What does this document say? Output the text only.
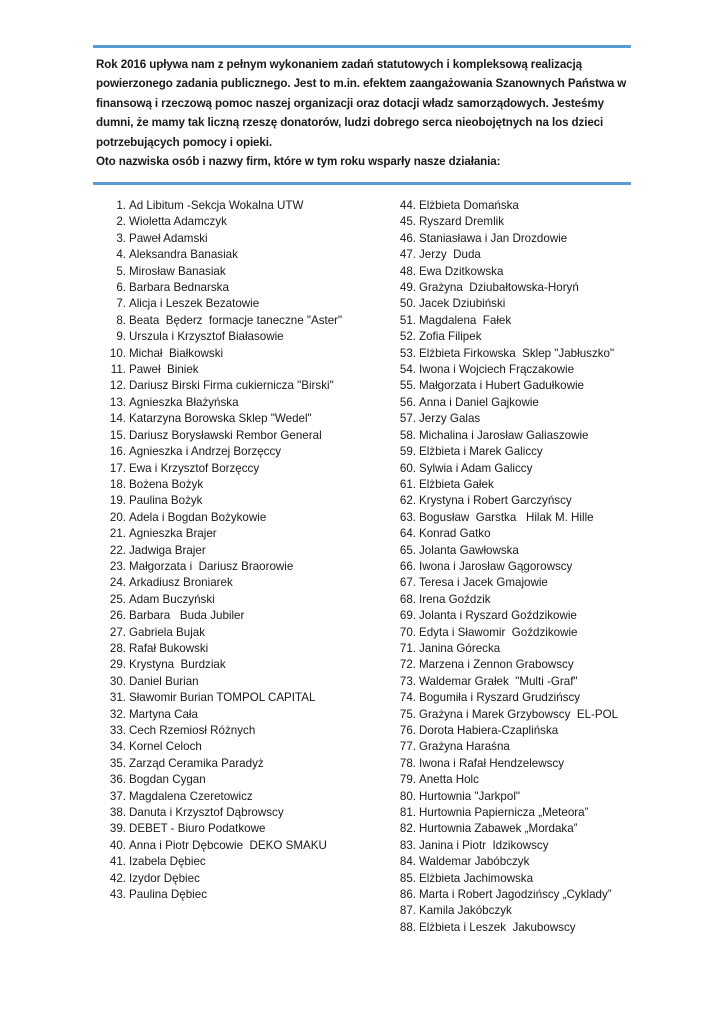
Rok 2016 upływa nam z pełnym wykonaniem zadań statutowych i kompleksową realizacją powierzonego zadania publicznego. Jest to m.in. efektem zaangażowania Szanownych Państwa w finansową i rzeczową pomoc naszej organizacji oraz dotacji władz samorządowych. Jesteśmy dumni, że mamy tak liczną rzeszę donatorów, ludzi dobrego serca nieobojętnych na los dzieci potrzebujących pomocy i opieki.

Oto nazwiska osób i nazwy firm, które w tym roku wsparły nasze działania:

1. Ad Libitum -Sekcja Wokalna UTW
2. Wioletta Adamczyk
3. Paweł Adamski
4. Aleksandra Banasiak
5. Mirosław Banasiak
6. Barbara Bednarska
7. Alicja i Leszek Bezatowie
8. Beata  Będerz  formacje taneczne "Aster"
9. Urszula i Krzysztof Białasowie
10. Michał  Białkowski
11. Paweł  Biniek
12. Dariusz Birski Firma cukiernicza "Birski"
13. Agnieszka Błażyńska
14. Katarzyna Borowska Sklep "Wedel"
15. Dariusz Borysławski Rembor General
16. Agnieszka i Andrzej Borzęccy
17. Ewa i Krzysztof Borzęccy
18. Bożena Bożyk
19. Paulina Bożyk
20. Adela i Bogdan Bożykowie
21. Agnieszka Brajer
22. Jadwiga Brajer
23. Małgorzata i  Dariusz Braorowie
24. Arkadiusz Broniarek
25. Adam Buczyński
26. Barbara   Buda Jubiler
27. Gabriela Bujak
28. Rafał Bukowski
29. Krystyna  Burdziak
30. Daniel Burian
31. Sławomir Burian TOMPOL CAPITAL
32. Martyna Cała
33. Cech Rzemiosł Różnych
34. Kornel Celoch
35. Zarząd Ceramika Paradyż
36. Bogdan Cygan
37. Magdalena Czeretowicz
38. Danuta i Krzysztof Dąbrowscy
39. DEBET - Biuro Podatkowe
40. Anna i Piotr Dębcowie  DEKO SMAKU
41. Izabela Dębiec
42. Izydor Dębiec
43. Paulina Dębiec
44. Elżbieta Domańska
45. Ryszard Dremlik
46. Staniasława i Jan Drozdowie
47. Jerzy  Duda
48. Ewa Dzitkowska
49. Grażyna  Dziubałtowska-Horyń
50. Jacek Dziubiński
51. Magdalena  Fałek
52. Zofia Filipek
53. Elżbieta Firkowska  Sklep "Jabłuszko"
54. Iwona i Wojciech Frączakowie
55. Małgorzata i Hubert Gadułkowie
56. Anna i Daniel Gajkowie
57. Jerzy Galas
58. Michalina i Jarosław Galiaszowie
59. Elżbieta i Marek Galiccy
60. Sylwia i Adam Galiccy
61. Elżbieta Gałek
62. Krystyna i Robert Garczyńscy
63. Bogusław  Garstka   Hilak M. Hille
64. Konrad Gatko
65. Jolanta Gawłowska
66. Iwona i Jarosław Gągorowscy
67. Teresa i Jacek Gmajowie
68. Irena Goździk
69. Jolanta i Ryszard Goździkowie
70. Edyta i Sławomir  Goździkowie
71. Janina Górecka
72. Marzena i Zennon Grabowscy
73. Waldemar Grałek  "Multi -Graf"
74. Bogumiła i Ryszard Grudzińscy
75. Grażyna i Marek Grzybowscy  EL-POL
76. Dorota Habiera-Czaplińska
77. Grażyna Haraśna
78. Iwona i Rafał Hendzelewscy
79. Anetta Holc
80. Hurtownia "Jarkpol"
81. Hurtownia Papiernicza „Meteora”
82. Hurtownia Zabawek „Mordaka”
83. Janina i Piotr  Idzikowscy
84. Waldemar Jabóbczyk
85. Elżbieta Jachimowska
86. Marta i Robert Jagodzińscy „Cyklady”
87. Kamila Jakóbczyk
88. Elżbieta i Leszek  Jakubowscy
